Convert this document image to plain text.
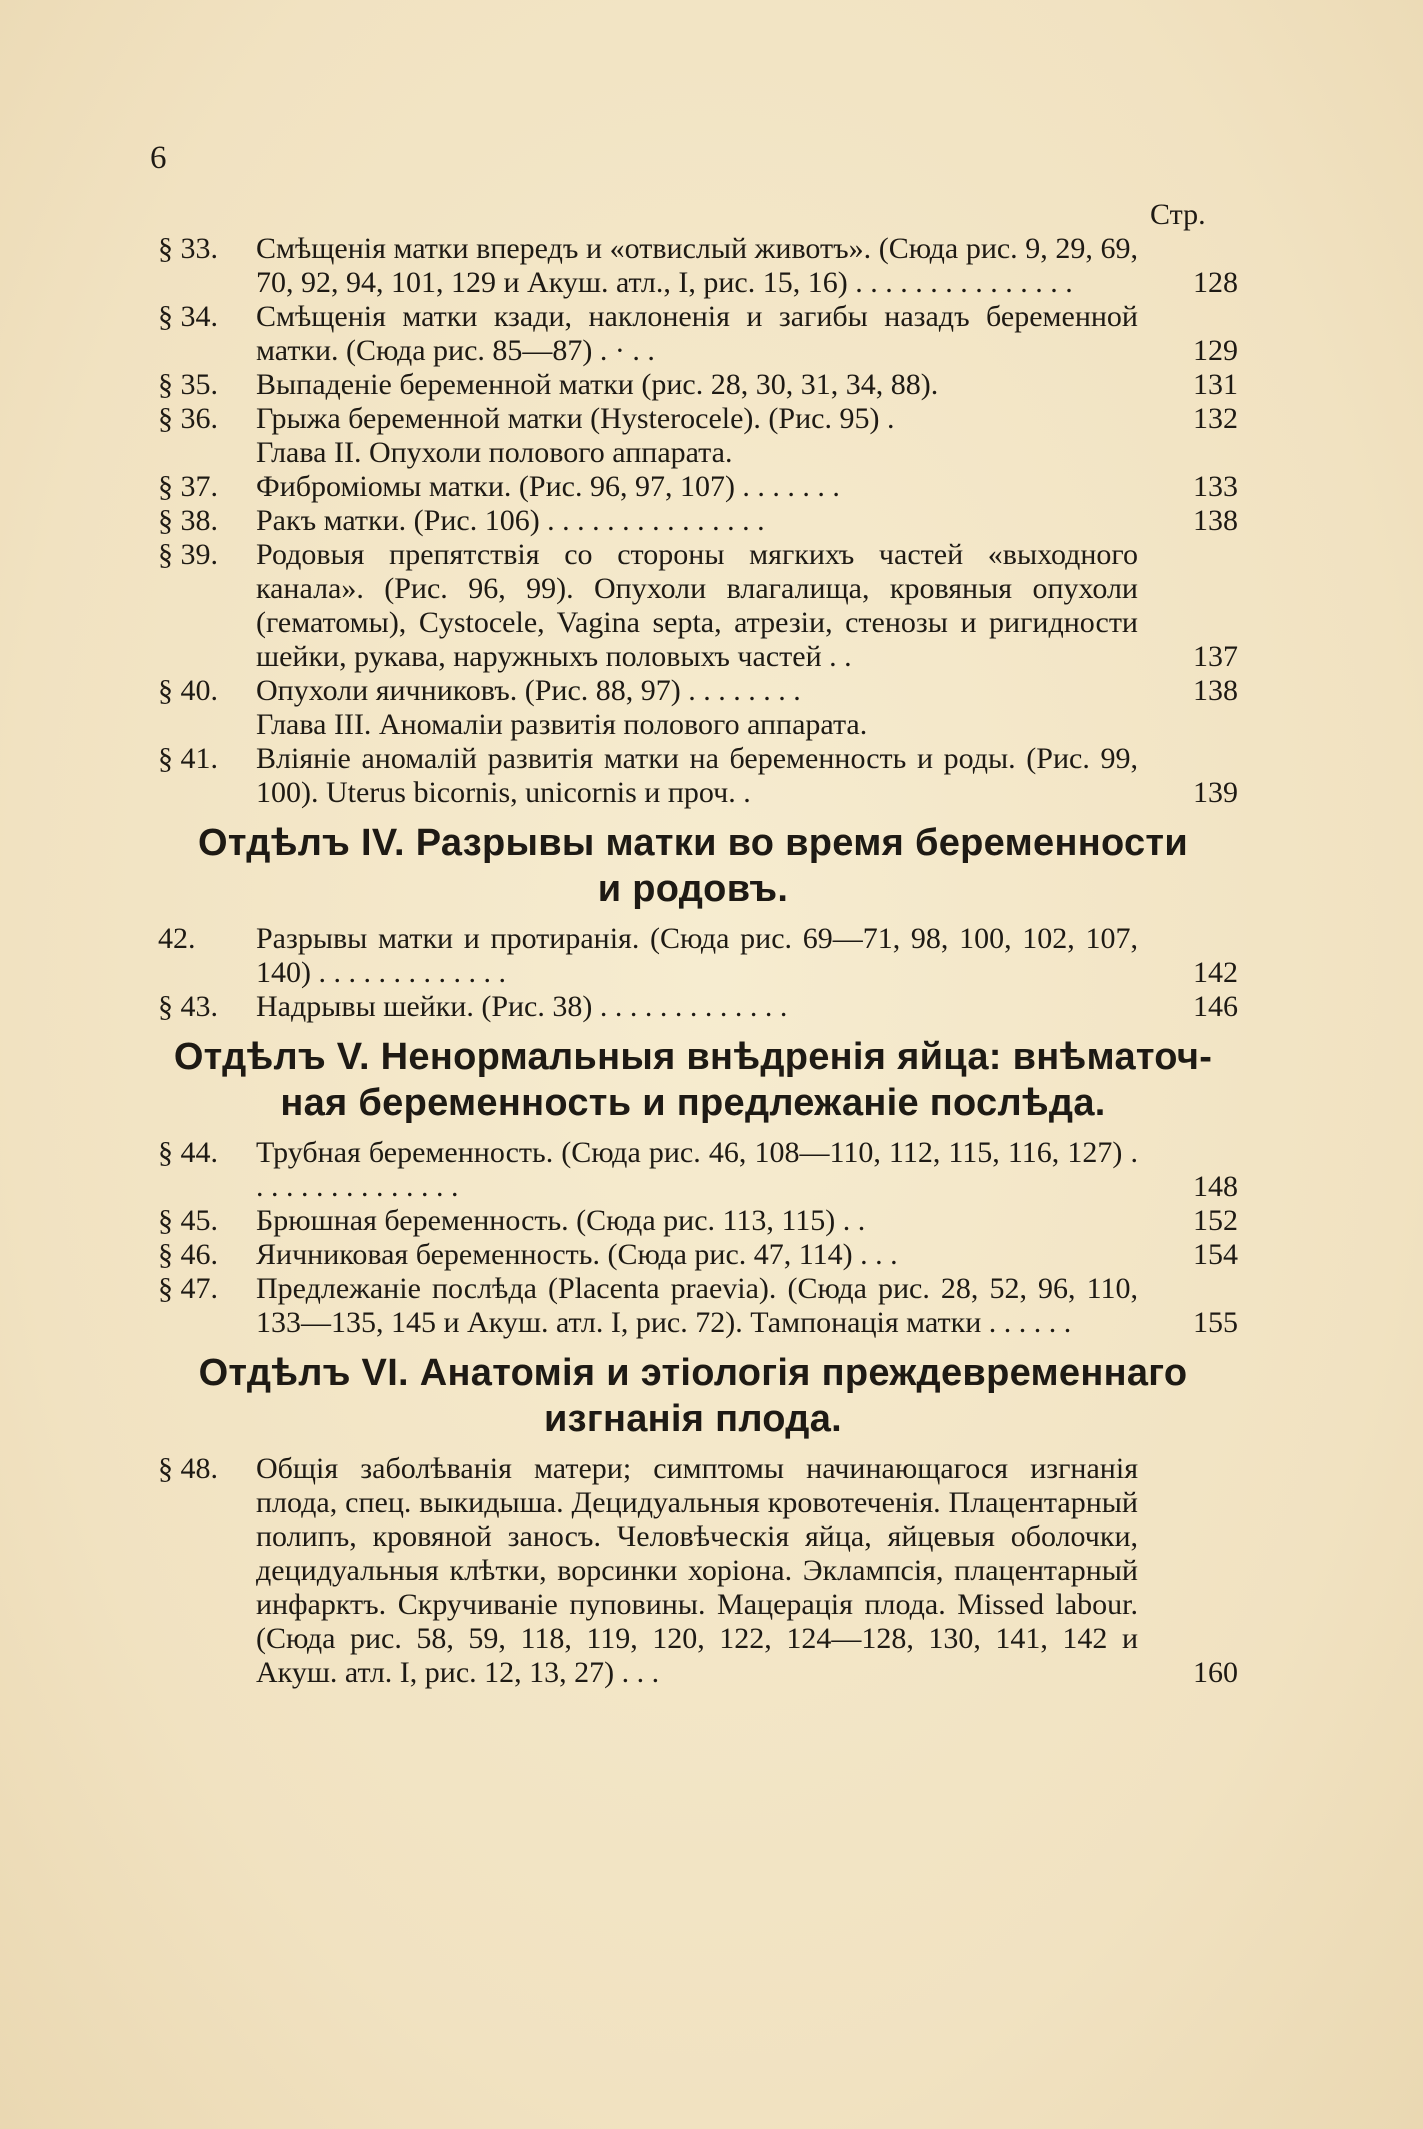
6
Стр.
§ 33.	Смѣщенія матки впередъ и «отвислый животъ». (Сюда рис. 9, 29, 69, 70, 92, 94, 101, 129 и Акуш. атл., I, рис. 15, 16) . . . . . . . . . . . . . . .	128
§ 34.	Смѣщенія матки кзади, наклоненія и загибы назадъ беременной матки. (Сюда рис. 85—87) . · . .	129
§ 35.	Выпаденіе беременной матки (рис. 28, 30, 31, 34, 88).	131
§ 36.	Грыжа беременной матки (Hysterocele). (Рис. 95) .	132
Глава II. Опухоли полового аппарата.
§ 37.	Фиброміомы матки. (Рис. 96, 97, 107) . . . . . . .	133
§ 38.	Ракъ матки. (Рис. 106) . . . . . . . . . . . . . . .	138
§ 39.	Родовыя препятствія со стороны мягкихъ частей «выходного канала». (Рис. 96, 99). Опухоли влагалища, кровяныя опухоли (гематомы), Cystocele, Vagina septa, атрезіи, стенозы и ригидности шейки, рукава, наружныхъ половыхъ частей . .	137
§ 40.	Опухоли яичниковъ. (Рис. 88, 97) . . . . . . . .	138
Глава III. Аномаліи развитія полового аппарата.
§ 41.	Вліяніе аномалій развитія матки на беременность и роды. (Рис. 99, 100). Uterus bicornis, unicornis и проч. .	139
Отдѣлъ IV. Разрывы матки во время беременности
и родовъ.
42.	Разрывы матки и протиранія. (Сюда рис. 69—71, 98, 100, 102, 107, 140) . . . . . . . . . . . . .	142
§ 43.	Надрывы шейки. (Рис. 38) . . . . . . . . . . . . .	146
Отдѣлъ V. Ненормальныя внѣдренія яйца: внѣматоч-
ная беременность и предлежаніе послѣда.
§ 44.	Трубная беременность. (Сюда рис. 46, 108—110, 112, 115, 116, 127) . . . . . . . . . . . . . . .	148
§ 45.	Брюшная беременность. (Сюда рис. 113, 115) . .	152
§ 46.	Яичниковая беременность. (Сюда рис. 47, 114) . . .	154
§ 47.	Предлежаніе послѣда (Placenta praevia). (Сюда рис. 28, 52, 96, 110, 133—135, 145 и Акуш. атл. I, рис. 72). Тампонація матки . . . . . .	155
Отдѣлъ VI. Анатомія и этіологія преждевременнаго
изгнанія плода.
§ 48.	Общія заболѣванія матери; симптомы начинающагося изгнанія плода, спец. выкидыша. Децидуальныя кровотеченія. Плацентарный полипъ, кровяной заносъ. Человѣческія яйца, яйцевыя оболочки, децидуальныя клѣтки, ворсинки хоріона. Эклампсія, плацентарный инфарктъ. Скручиваніе пуповины. Мацерація плода. Missed labour. (Сюда рис. 58, 59, 118, 119, 120, 122, 124—128, 130, 141, 142 и Акуш. атл. I, рис. 12, 13, 27) . . .	160
